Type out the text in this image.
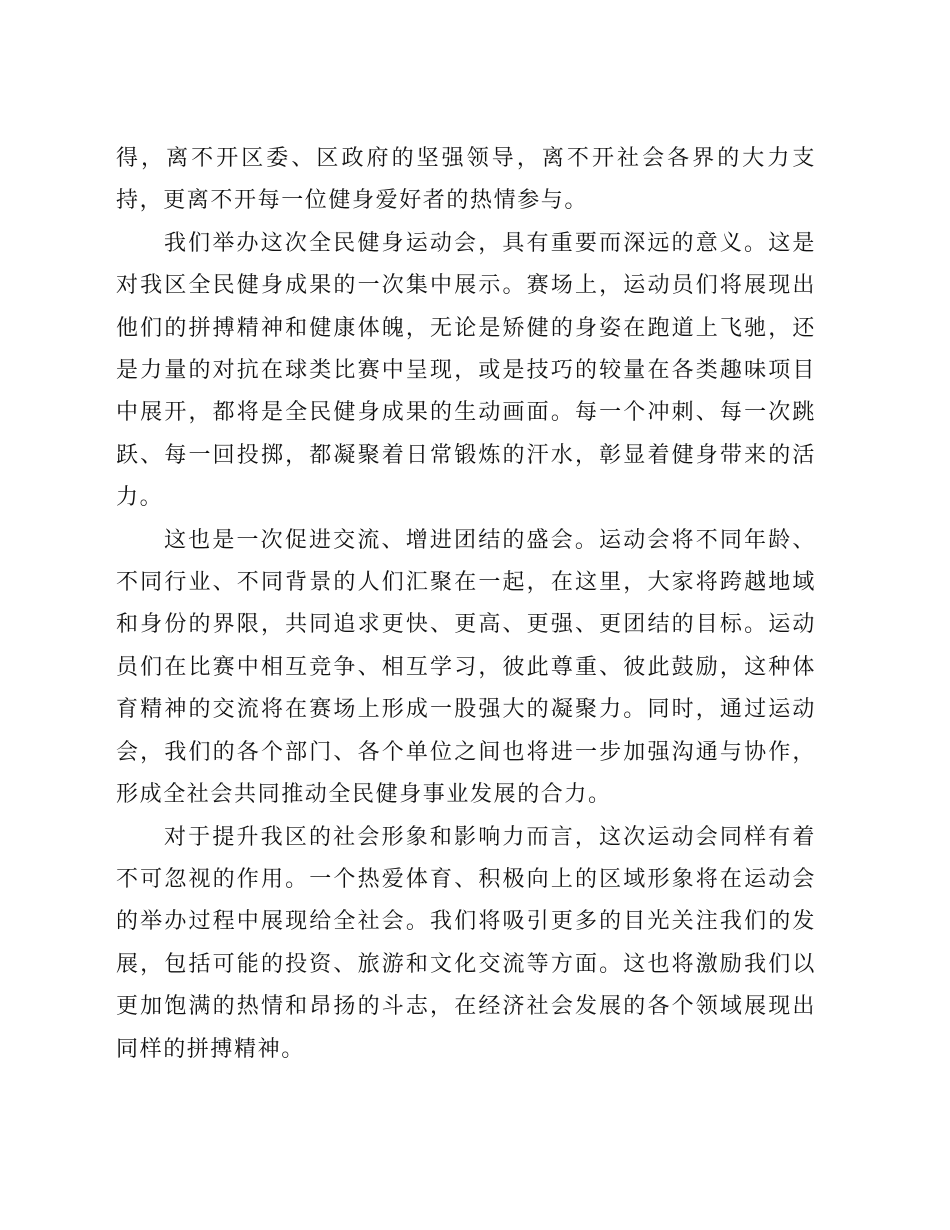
得，离不开区委、区政府的坚强领导，离不开社会各界的大力支持，更离不开每一位健身爱好者的热情参与。

我们举办这次全民健身运动会，具有重要而深远的意义。这是对我区全民健身成果的一次集中展示。赛场上，运动员们将展现出他们的拼搏精神和健康体魄，无论是矫健的身姿在跑道上飞驰，还是力量的对抗在球类比赛中呈现，或是技巧的较量在各类趣味项目中展开，都将是全民健身成果的生动画面。每一个冲刺、每一次跳跃、每一回投掷，都凝聚着日常锻炼的汗水，彰显着健身带来的活力。

这也是一次促进交流、增进团结的盛会。运动会将不同年龄、不同行业、不同背景的人们汇聚在一起，在这里，大家将跨越地域和身份的界限，共同追求更快、更高、更强、更团结的目标。运动员们在比赛中相互竞争、相互学习，彼此尊重、彼此鼓励，这种体育精神的交流将在赛场上形成一股强大的凝聚力。同时，通过运动会，我们的各个部门、各个单位之间也将进一步加强沟通与协作，形成全社会共同推动全民健身事业发展的合力。

对于提升我区的社会形象和影响力而言，这次运动会同样有着不可忽视的作用。一个热爱体育、积极向上的区域形象将在运动会的举办过程中展现给全社会。我们将吸引更多的目光关注我们的发展，包括可能的投资、旅游和文化交流等方面。这也将激励我们以更加饱满的热情和昂扬的斗志，在经济社会发展的各个领域展现出同样的拼搏精神。
